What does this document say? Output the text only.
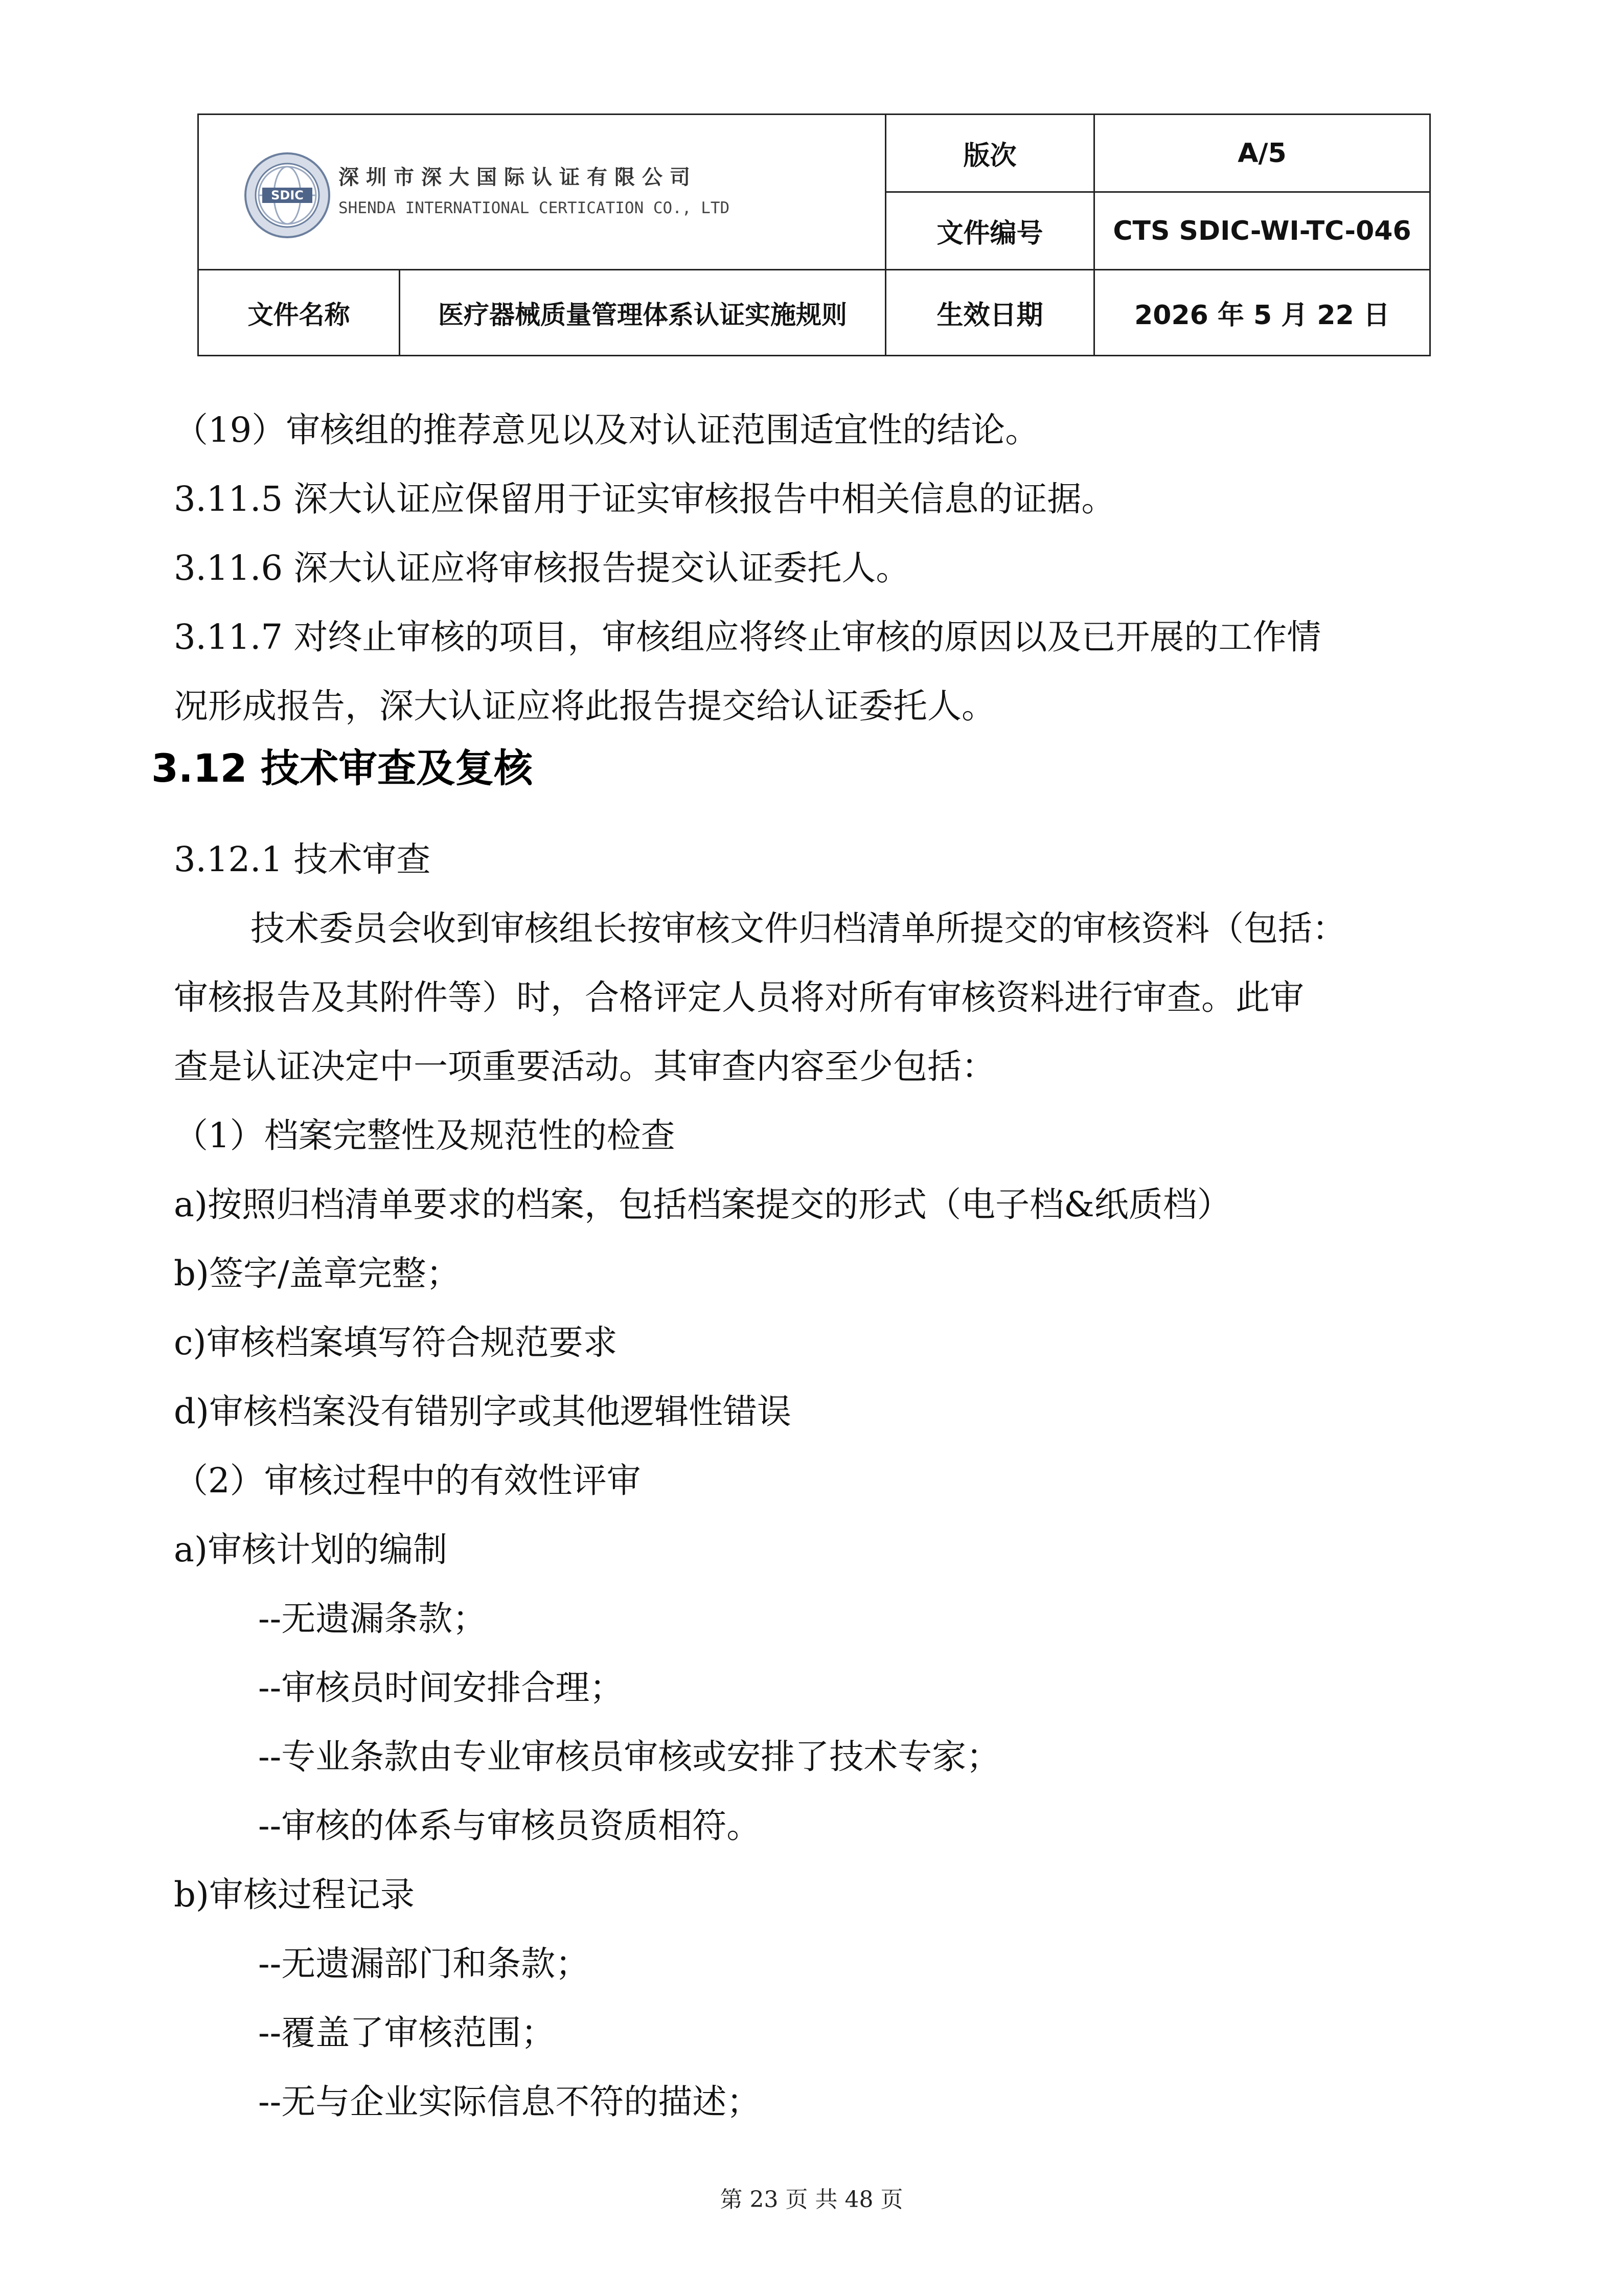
SDIC
深圳市深大国际认证有限公司
SHENDA INTERNATIONAL CERTICATION CO., LTD		版次	A/5
		文件编号	CTS SDIC-WI-TC-046
文件名称	医疗器械质量管理体系认证实施规则	生效日期	2026 年 5 月 22 日
（19）审核组的推荐意见以及对认证范围适宜性的结论。
3.11.5 深大认证应保留用于证实审核报告中相关信息的证据。
3.11.6 深大认证应将审核报告提交认证委托人。
3.11.7 对终止审核的项目，审核组应将终止审核的原因以及已开展的工作情
况形成报告，深大认证应将此报告提交给认证委托人。
3.12 技术审查及复核
3.12.1 技术审查
技术委员会收到审核组长按审核文件归档清单所提交的审核资料（包括：
审核报告及其附件等）时，合格评定人员将对所有审核资料进行审查。此审
查是认证决定中一项重要活动。其审查内容至少包括：
（1）档案完整性及规范性的检查
a)按照归档清单要求的档案，包括档案提交的形式（电子档&纸质档）
b)签字/盖章完整；
c)审核档案填写符合规范要求
d)审核档案没有错别字或其他逻辑性错误
（2）审核过程中的有效性评审
a)审核计划的编制
--无遗漏条款；
--审核员时间安排合理；
--专业条款由专业审核员审核或安排了技术专家；
--审核的体系与审核员资质相符。
b)审核过程记录
--无遗漏部门和条款；
--覆盖了审核范围；
--无与企业实际信息不符的描述；
第 23 页 共 48 页
